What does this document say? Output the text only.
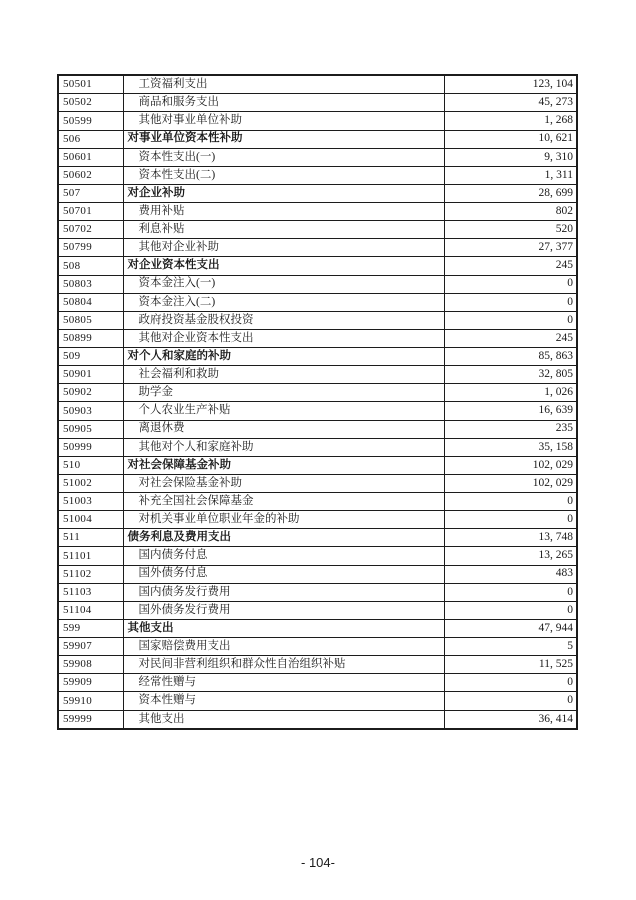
50501	工资福利支出	123, 104
50502	商品和服务支出	45, 273
50599	其他对事业单位补助	1, 268
506	对事业单位资本性补助	10, 621
50601	资本性支出(一)	9, 310
50602	资本性支出(二)	1, 311
507	对企业补助	28, 699
50701	费用补贴	802
50702	利息补贴	520
50799	其他对企业补助	27, 377
508	对企业资本性支出	245
50803	资本金注入(一)	0
50804	资本金注入(二)	0
50805	政府投资基金股权投资	0
50899	其他对企业资本性支出	245
509	对个人和家庭的补助	85, 863
50901	社会福利和救助	32, 805
50902	助学金	1, 026
50903	个人农业生产补贴	16, 639
50905	离退休费	235
50999	其他对个人和家庭补助	35, 158
510	对社会保障基金补助	102, 029
51002	对社会保险基金补助	102, 029
51003	补充全国社会保障基金	0
51004	对机关事业单位职业年金的补助	0
511	债务利息及费用支出	13, 748
51101	国内债务付息	13, 265
51102	国外债务付息	483
51103	国内债务发行费用	0
51104	国外债务发行费用	0
599	其他支出	47, 944
59907	国家赔偿费用支出	5
59908	对民间非营利组织和群众性自治组织补贴	11, 525
59909	经常性赠与	0
59910	资本性赠与	0
59999	其他支出	36, 414
- 104-
